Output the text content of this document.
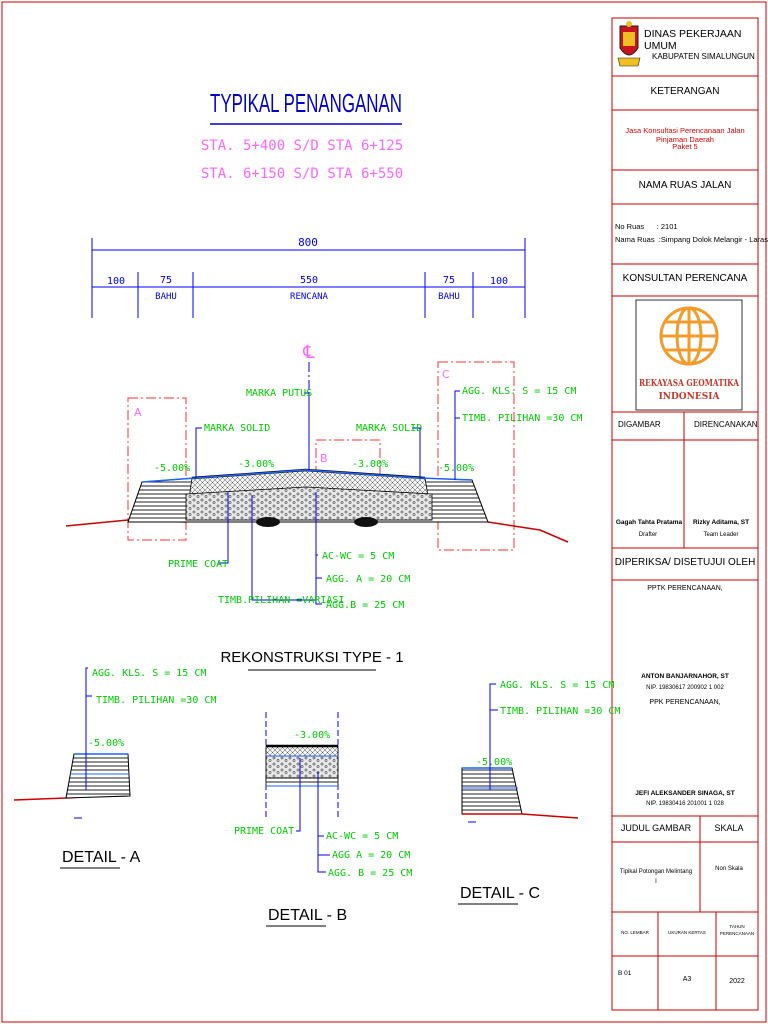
TYPIKAL PENANGANAN
STA. 5+400 S/D STA 6+125
STA. 6+150 S/D STA 6+550
800
100	75	550	75	100
BAHU	RENCANA	BAHU
℄
A
B
C
MARKA PUTUS
MARKA SOLID	MARKA SOLID
AGG. KLS. S = 15 CM
TIMB. PILIHAN =30 CM
-5.00%	-3.00%	-3.00%	-5.00%
PRIME COAT
AC-WC = 5 CM
AGG. A = 20 CM
TIMB.PILIHAN =VARIASI
AGG.B = 25 CM
REKONSTRUKSI TYPE - 1
AGG. KLS. S = 15 CM
TIMB. PILIHAN =30 CM
-5.00%
DETAIL - A
-3.00%
PRIME COAT	AC-WC = 5 CM
AGG A = 20 CM
AGG. B = 25 CM
DETAIL - B
AGG. KLS. S = 15 CM
TIMB. PILIHAN =30 CM
-5.00%
DETAIL - C
REKAYASA GEOMATIKA
INDONESIA
DINAS PEKERJAAN UMUM
KABUPATEN SIMALUNGUN
KETERANGAN
Jasa Konsultasi Perencanaan Jalan Pinjaman Daerah
Paket 5
NAMA RUAS JALAN
No Ruas      : 2101
Nama Ruas  :Simpang Dolok Melangir - Laras
KONSULTAN PERENCANA
DIGAMBAR	DIRENCANAKAN
Gagah Tahta Pratama
Drafter
Rizky Aditama, ST
Team Leader
DIPERIKSA/ DISETUJUI OLEH
PPTK PERENCANAAN,
ANTON BANJARNAHOR, ST
NIP. 19830617 200902 1 002
PPK PERENCANAAN,
JEFI ALEKSANDER SINAGA, ST
NIP. 19830416 201001 1 028
JUDUL GAMBAR	SKALA
Tipikal Potongan Melintang
I
Non Skala
NO. LEMBAR	UKURAN KERTAS
TAHUN
PERENCANAAN
B 01
A3	2022
